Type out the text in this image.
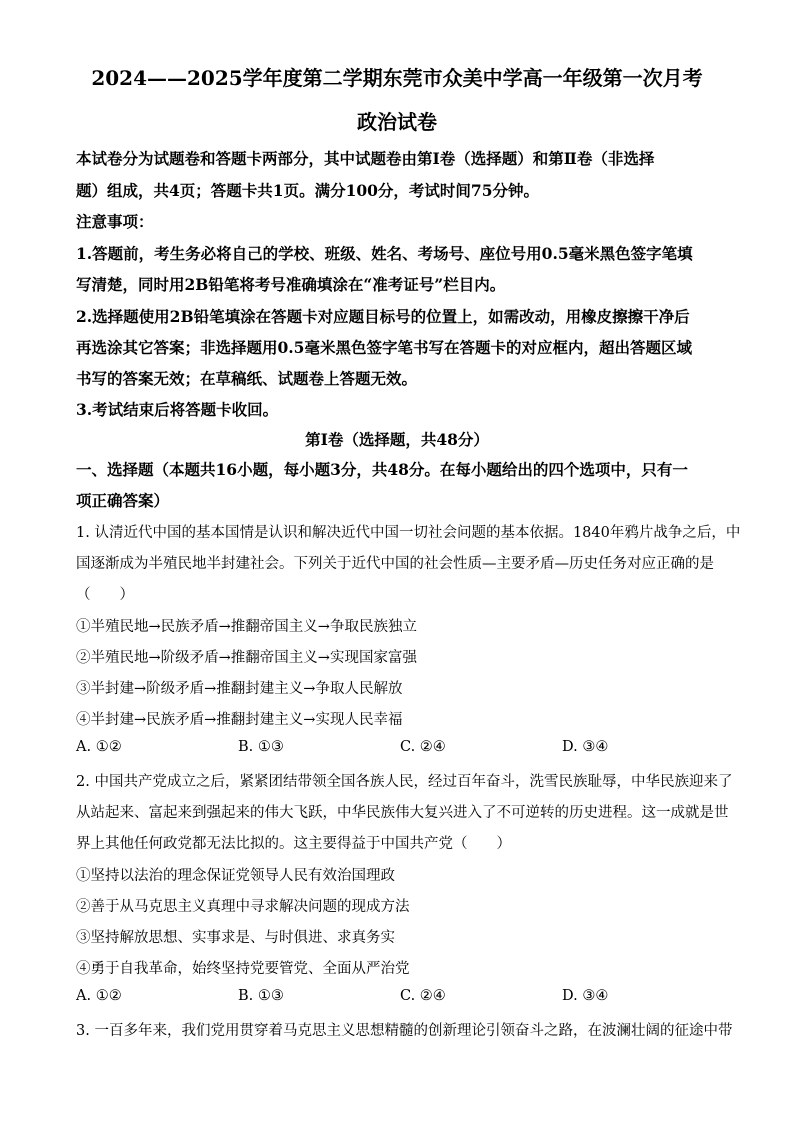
2024——2025学年度第二学期东莞市众美中学高一年级第一次月考
政治试卷
本试卷分为试题卷和答题卡两部分，其中试题卷由第Ⅰ卷（选择题）和第Ⅱ卷（非选择
题）组成，共4页；答题卡共1页。满分100分，考试时间75分钟。
注意事项：
1.答题前，考生务必将自己的学校、班级、姓名、考场号、座位号用0.5毫米黑色签字笔填
写清楚，同时用2B铅笔将考号准确填涂在“准考证号”栏目内。
2.选择题使用2B铅笔填涂在答题卡对应题目标号的位置上，如需改动，用橡皮擦擦干净后
再选涂其它答案；非选择题用0.5毫米黑色签字笔书写在答题卡的对应框内，超出答题区域
书写的答案无效；在草稿纸、试题卷上答题无效。
3.考试结束后将答题卡收回。
第Ⅰ卷（选择题，共48分）
一、选择题（本题共16小题，每小题3分，共48分。在每小题给出的四个选项中，只有一
项正确答案）
1. 认清近代中国的基本国情是认识和解决近代中国一切社会问题的基本依据。1840年鸦片战争之后，中
国逐渐成为半殖民地半封建社会。下列关于近代中国的社会性质—主要矛盾—历史任务对应正确的是
（　　）
①半殖民地→民族矛盾→推翻帝国主义→争取民族独立
②半殖民地→阶级矛盾→推翻帝国主义→实现国家富强
③半封建→阶级矛盾→推翻封建主义→争取人民解放
④半封建→民族矛盾→推翻封建主义→实现人民幸福
A. ①②	B. ①③	C. ②④	D. ③④
2. 中国共产党成立之后，紧紧团结带领全国各族人民，经过百年奋斗，洗雪民族耻辱，中华民族迎来了
从站起来、富起来到强起来的伟大飞跃，中华民族伟大复兴进入了不可逆转的历史进程。这一成就是世
界上其他任何政党都无法比拟的。这主要得益于中国共产党（　　）
①坚持以法治的理念保证党领导人民有效治国理政
②善于从马克思主义真理中寻求解决问题的现成方法
③坚持解放思想、实事求是、与时俱进、求真务实
④勇于自我革命，始终坚持党要管党、全面从严治党
A. ①②	B. ①③	C. ②④	D. ③④
3. 一百多年来，我们党用贯穿着马克思主义思想精髓的创新理论引领奋斗之路，在波澜壮阔的征途中带
